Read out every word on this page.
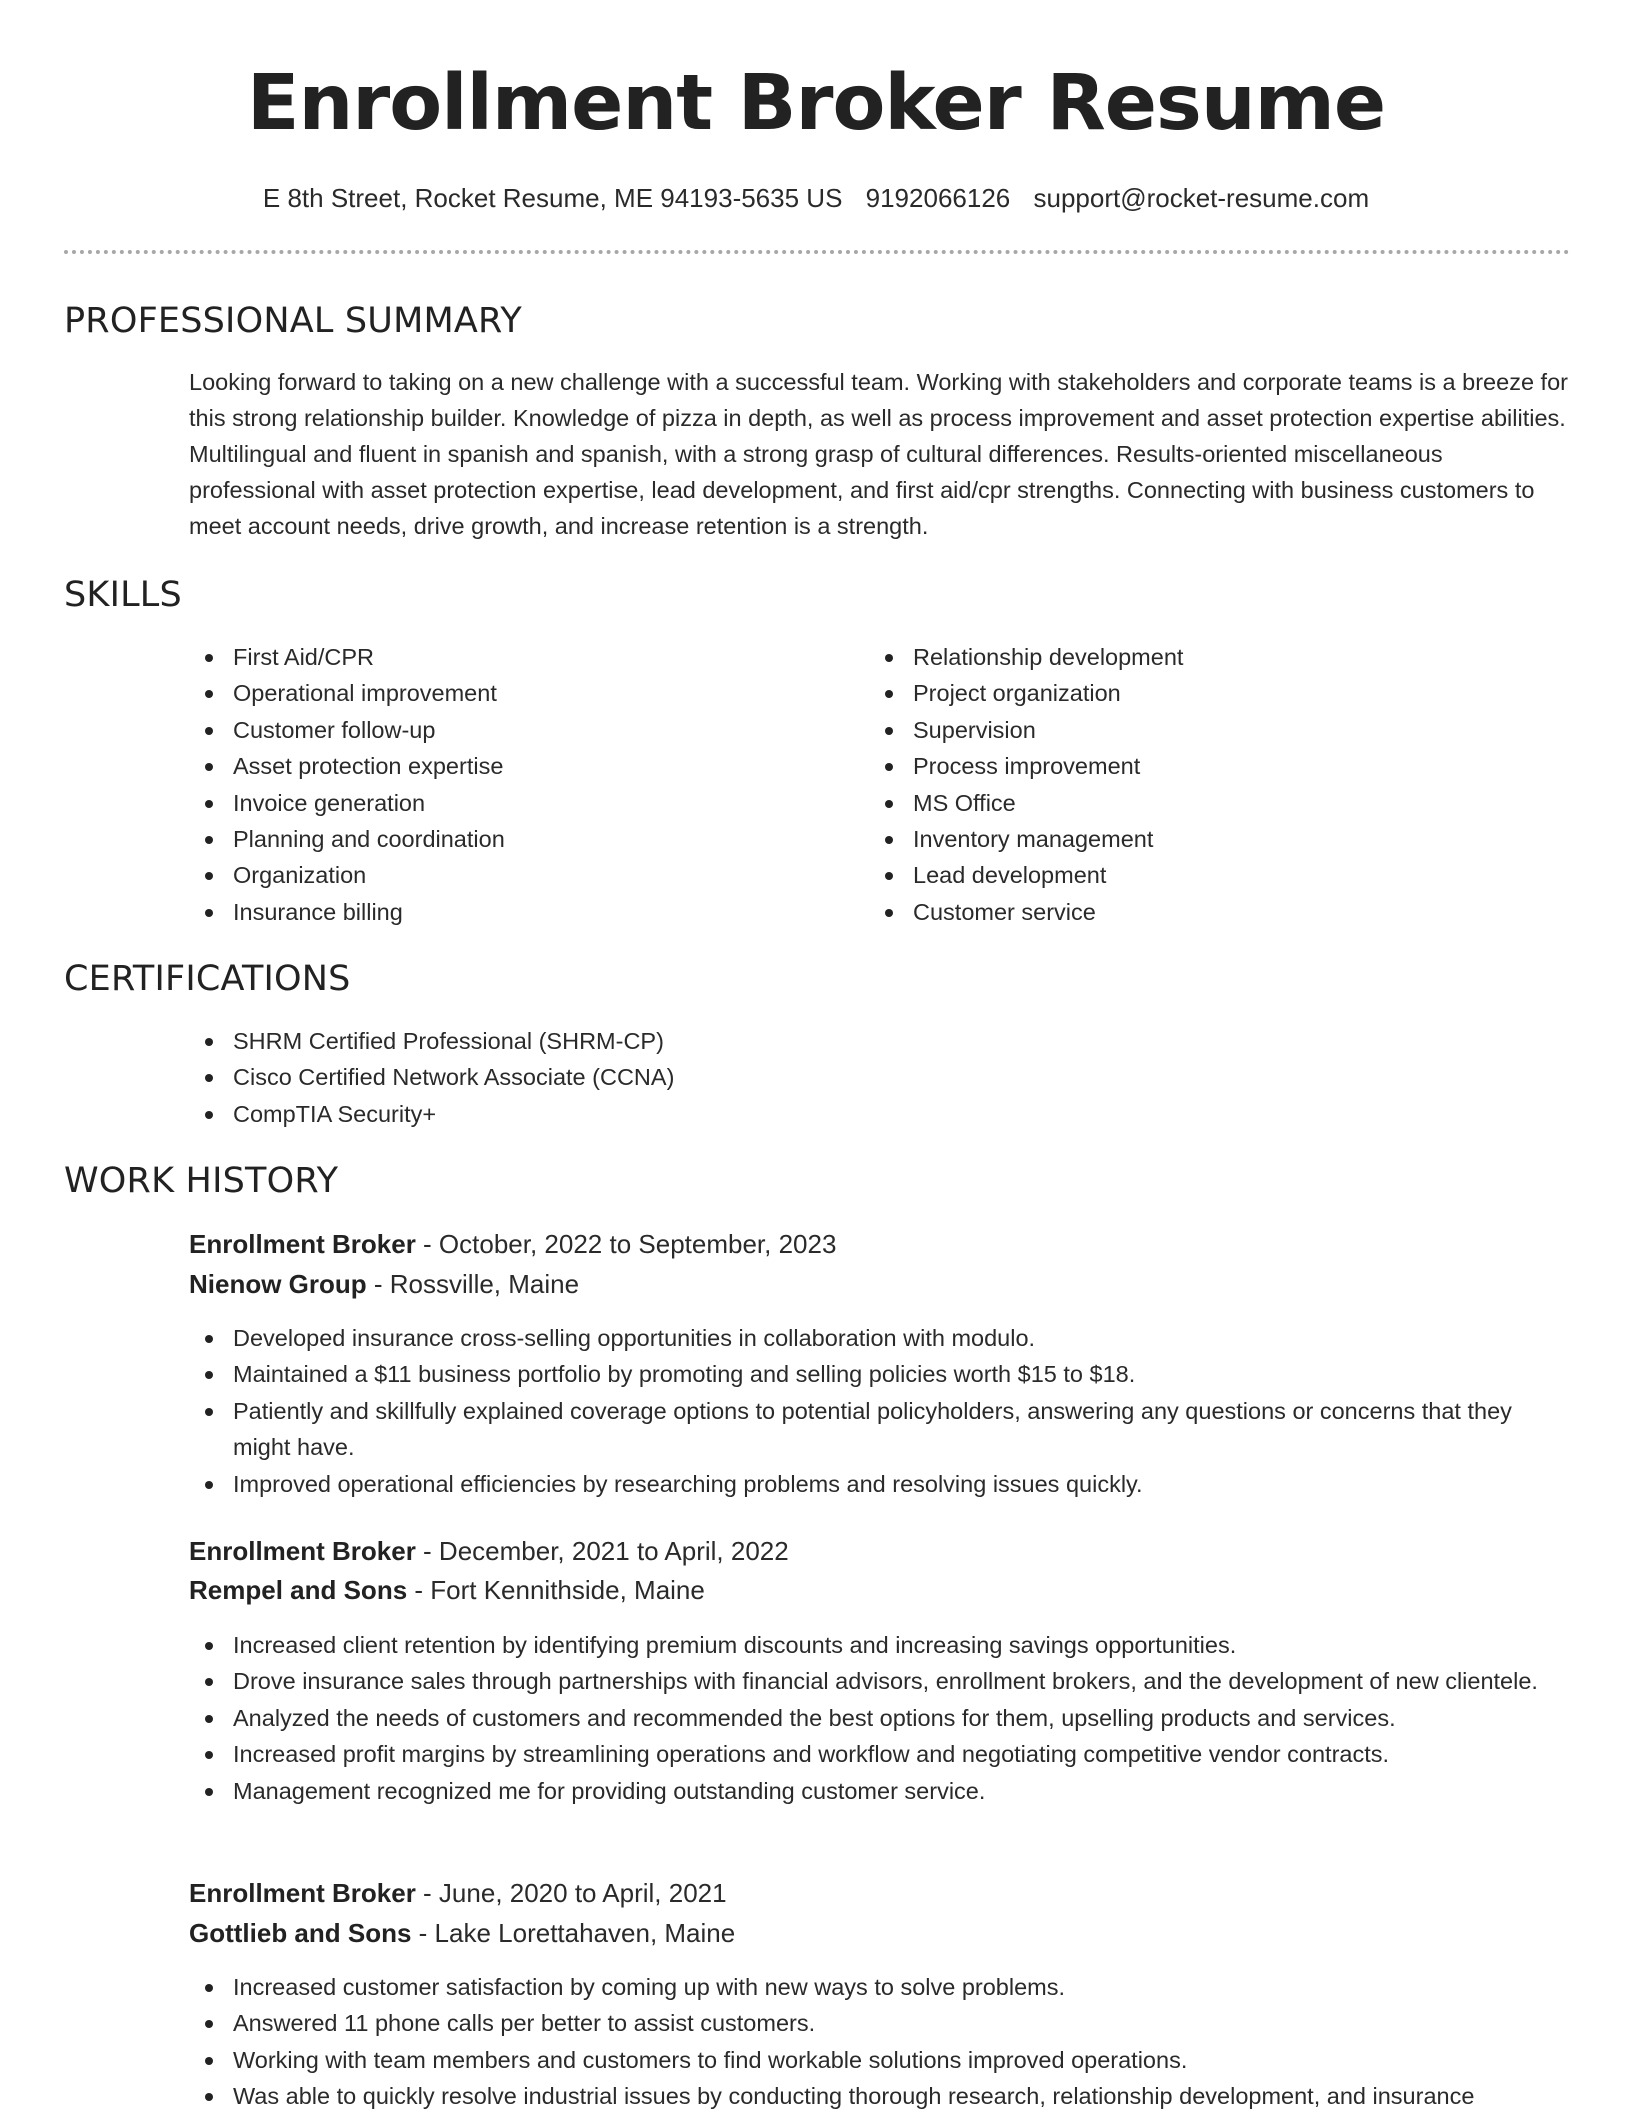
Enrollment Broker Resume
E 8th Street, Rocket Resume, ME 94193-5635 US 9192066126 support@rocket-resume.com
PROFESSIONAL SUMMARY

Looking forward to taking on a new challenge with a successful team. Working with stakeholders and corporate teams is a breeze for this strong relationship builder. Knowledge of pizza in depth, as well as process improvement and asset protection expertise abilities. Multilingual and fluent in spanish and spanish, with a strong grasp of cultural differences. Results-oriented miscellaneous professional with asset protection expertise, lead development, and first aid/cpr strengths. Connecting with business customers to meet account needs, drive growth, and increase retention is a strength.

SKILLS
First Aid/CPR
Operational improvement
Customer follow-up
Asset protection expertise
Invoice generation
Planning and coordination
Organization
Insurance billing
Relationship development
Project organization
Supervision
Process improvement
MS Office
Inventory management
Lead development
Customer service
CERTIFICATIONS
SHRM Certified Professional (SHRM-CP)
Cisco Certified Network Associate (CCNA)
CompTIA Security+
WORK HISTORY
Enrollment Broker - October, 2022 to September, 2023
Nienow Group - Rossville, Maine
Developed insurance cross-selling opportunities in collaboration with modulo.
Maintained a $11 business portfolio by promoting and selling policies worth $15 to $18.
Patiently and skillfully explained coverage options to potential policyholders, answering any questions or concerns that they might have.
Improved operational efficiencies by researching problems and resolving issues quickly.
Enrollment Broker - December, 2021 to April, 2022
Rempel and Sons - Fort Kennithside, Maine
Increased client retention by identifying premium discounts and increasing savings opportunities.
Drove insurance sales through partnerships with financial advisors, enrollment brokers, and the development of new clientele.
Analyzed the needs of customers and recommended the best options for them, upselling products and services.
Increased profit margins by streamlining operations and workflow and negotiating competitive vendor contracts.
Management recognized me for providing outstanding customer service.
Enrollment Broker - June, 2020 to April, 2021
Gottlieb and Sons - Lake Lorettahaven, Maine
Increased customer satisfaction by coming up with new ways to solve problems.
Answered 11 phone calls per better to assist customers.
Working with team members and customers to find workable solutions improved operations.
Was able to quickly resolve industrial issues by conducting thorough research, relationship development, and insurance
